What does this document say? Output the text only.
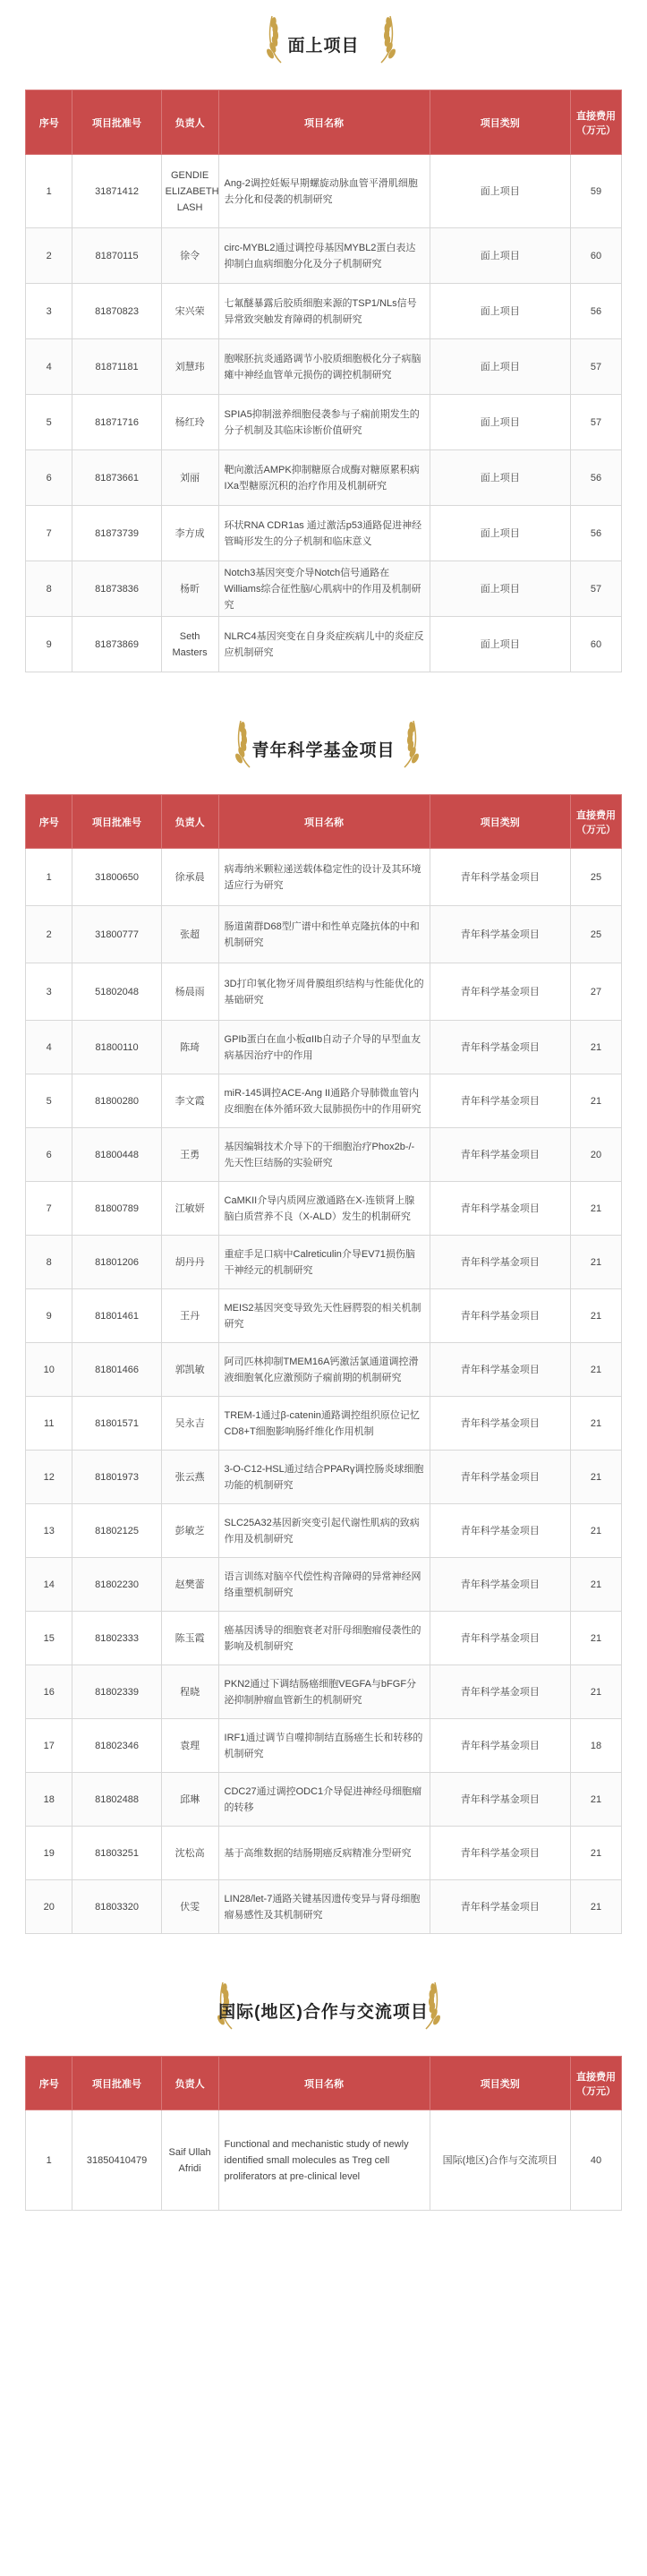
面上项目
序号	项目批准号	负责人	项目名称	项目类别	直接费用（万元）
1	31871412	GENDIE ELIZABETH LASH	Ang-2调控妊娠早期螺旋动脉血管平滑肌细胞去分化和侵袭的机制研究	面上项目	59
2	81870115	徐令	circ-MYBL2通过调控母基因MYBL2蛋白表达抑制白血病细胞分化及分子机制研究	面上项目	60
3	81870823	宋兴荣	七氟醚暴露后胶质细胞来源的TSP1/NLs信号异常致突触发育障碍的机制研究	面上项目	56
4	81871181	刘慧玮	胞喉胚抗炎通路调节小胶质细胞极化分子病脑瘫中神经血管单元损伤的调控机制研究	面上项目	57
5	81871716	杨红玲	SPIA5抑制滋养细胞侵袭参与子痫前期发生的分子机制及其临床诊断价值研究	面上项目	57
6	81873661	刘丽	靶向激活AMPK抑制糖原合成酶对糖原累积病IXa型糖原沉积的治疗作用及机制研究	面上项目	56
7	81873739	李方成	环状RNA CDR1as 通过激活p53通路促进神经管畸形发生的分子机制和临床意义	面上项目	56
8	81873836	杨昕	Notch3基因突变介导Notch信号通路在Williams综合征性脑/心肌病中的作用及机制研究	面上项目	57
9	81873869	Seth Masters	NLRC4基因突变在自身炎症疾病儿中的炎症反应机制研究	面上项目	60
青年科学基金项目
序号	项目批准号	负责人	项目名称	项目类别	直接费用（万元）
1	31800650	徐承晨	病毒纳米颗粒递送载体稳定性的设计及其环境适应行为研究	青年科学基金项目	25
2	31800777	张超	肠道菌群D68型广谱中和性单克隆抗体的中和机制研究	青年科学基金项目	25
3	51802048	杨晨雨	3D打印氧化物牙周骨膜组织结构与性能优化的基础研究	青年科学基金项目	27
4	81800110	陈琦	GPIb蛋白在血小板αIIb自动子介导的早型血友病基因治疗中的作用	青年科学基金项目	21
5	81800280	李文霞	miR-145调控ACE-Ang II通路介导肺微血管内皮细胞在体外循环致大鼠肺损伤中的作用研究	青年科学基金项目	21
6	81800448	王勇	基因编辑技术介导下的干细胞治疗Phox2b-/-先天性巨结肠的实验研究	青年科学基金项目	20
7	81800789	江敏妍	CaMKII介导内质网应激通路在X-连锁肾上腺脑白质营养不良（X-ALD）发生的机制研究	青年科学基金项目	21
8	81801206	胡丹丹	重症手足口病中Calreticulin介导EV71损伤脑干神经元的机制研究	青年科学基金项目	21
9	81801461	王丹	MEIS2基因突变导致先天性唇腭裂的相关机制研究	青年科学基金项目	21
10	81801466	郭凯敏	阿司匹林抑制TMEM16A钙激活氯通道调控滑液细胞氧化应激预防子痫前期的机制研究	青年科学基金项目	21
11	81801571	吴永吉	TREM-1通过β-catenin通路调控组织原位记忆CD8+T细胞影响肠纤维化作用机制	青年科学基金项目	21
12	81801973	张云燕	3-O-C12-HSL通过结合PPARγ调控肠炎球细胞功能的机制研究	青年科学基金项目	21
13	81802125	彭敏芝	SLC25A32基因新突变引起代谢性肌病的致病作用及机制研究	青年科学基金项目	21
14	81802230	赵樊蕾	语言训练对脑卒代偿性构音障碍的异常神经网络重塑机制研究	青年科学基金项目	21
15	81802333	陈玉霞	癌基因诱导的细胞衰老对肝母细胞瘤侵袭性的影响及机制研究	青年科学基金项目	21
16	81802339	程晓	PKN2通过下调结肠癌细胞VEGFA与bFGF分泌抑制肿瘤血管新生的机制研究	青年科学基金项目	21
17	81802346	袁理	IRF1通过调节自噬抑制结直肠癌生长和转移的机制研究	青年科学基金项目	18
18	81802488	邱琳	CDC27通过调控ODC1介导促进神经母细胞瘤的转移	青年科学基金项目	21
19	81803251	沈松高	基于高维数据的结肠期癌反病精准分型研究	青年科学基金项目	21
20	81803320	伏雯	LIN28/let-7通路关键基因遗传变异与肾母细胞瘤易感性及其机制研究	青年科学基金项目	21
国际(地区)合作与交流项目
序号	项目批准号	负责人	项目名称	项目类别	直接费用（万元）
1	31850410479	Saif Ullah Afridi	Functional and mechanistic study of newly identified small molecules as Treg cell proliferators at pre-clinical level	国际(地区)合作与交流项目	40
